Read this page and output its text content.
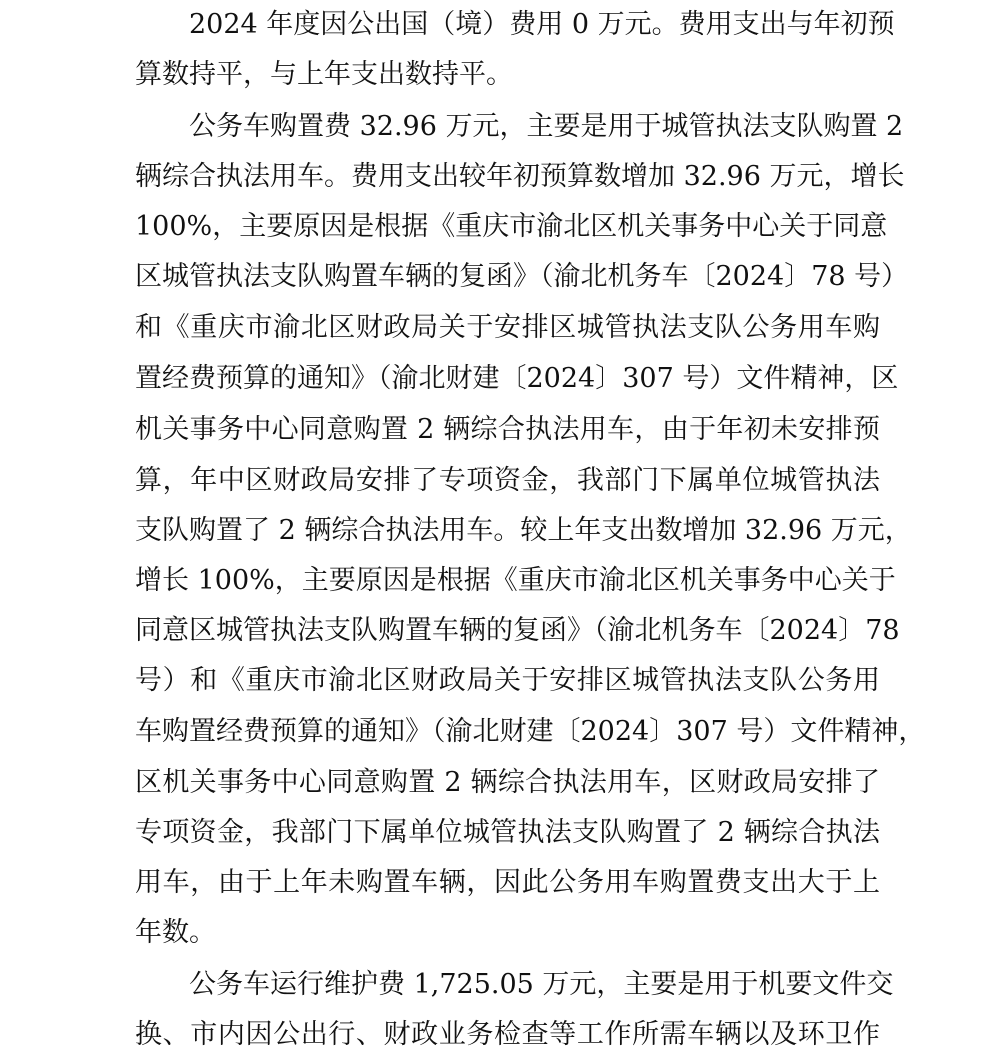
2024 年度因公出国（境）费用 0 万元。费用支出与年初预
算数持平，与上年支出数持平。
公务车购置费 32.96 万元，主要是用于城管执法支队购置 2
辆综合执法用车。费用支出较年初预算数增加 32.96 万元，增长
100%，主要原因是根据《重庆市渝北区机关事务中心关于同意
区城管执法支队购置车辆的复函》（渝北机务车〔2024〕78 号）
和《重庆市渝北区财政局关于安排区城管执法支队公务用车购
置经费预算的通知》（渝北财建〔2024〕307 号）文件精神，区
机关事务中心同意购置 2 辆综合执法用车，由于年初未安排预
算，年中区财政局安排了专项资金，我部门下属单位城管执法
支队购置了 2 辆综合执法用车。较上年支出数增加 32.96 万元，
增长 100%，主要原因是根据《重庆市渝北区机关事务中心关于
同意区城管执法支队购置车辆的复函》（渝北机务车〔2024〕78
号）和《重庆市渝北区财政局关于安排区城管执法支队公务用
车购置经费预算的通知》（渝北财建〔2024〕307 号）文件精神，
区机关事务中心同意购置 2 辆综合执法用车，区财政局安排了
专项资金，我部门下属单位城管执法支队购置了 2 辆综合执法
用车，由于上年未购置车辆，因此公务用车购置费支出大于上
年数。
公务车运行维护费 1,725.05 万元，主要是用于机要文件交
换、市内因公出行、财政业务检查等工作所需车辆以及环卫作
